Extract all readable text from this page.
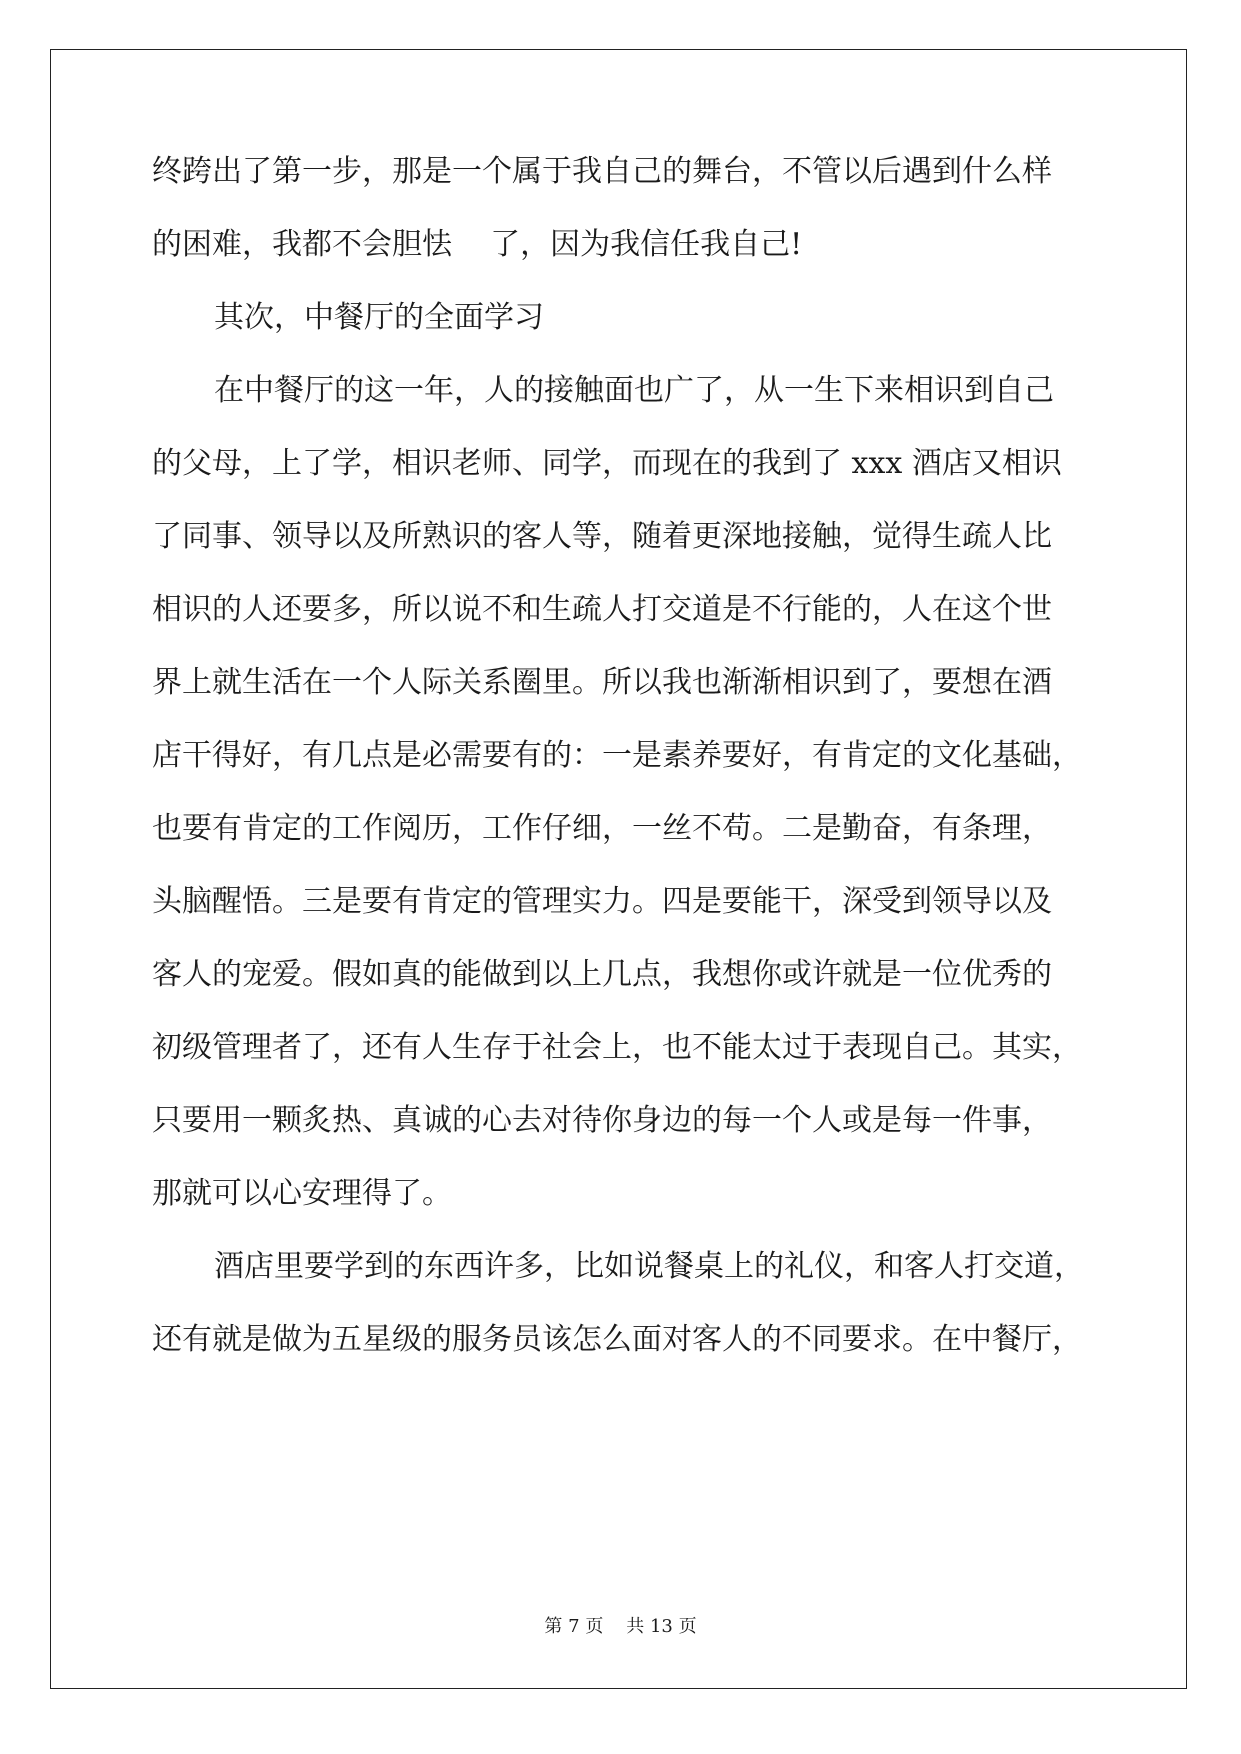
终跨出了第一步，那是一个属于我自己的舞台，不管以后遇到什么样

的困难，我都不会胆怯    了，因为我信任我自己!

其次，中餐厅的全面学习

在中餐厅的这一年，人的接触面也广了，从一生下来相识到自己

的父母，上了学，相识老师、同学，而现在的我到了 xxx 酒店又相识

了同事、领导以及所熟识的客人等，随着更深地接触，觉得生疏人比

相识的人还要多，所以说不和生疏人打交道是不行能的，人在这个世

界上就生活在一个人际关系圈里。所以我也渐渐相识到了，要想在酒

店干得好，有几点是必需要有的：一是素养要好，有肯定的文化基础，

也要有肯定的工作阅历，工作仔细，一丝不苟。二是勤奋，有条理，

头脑醒悟。三是要有肯定的管理实力。四是要能干，深受到领导以及

客人的宠爱。假如真的能做到以上几点，我想你或许就是一位优秀的

初级管理者了，还有人生存于社会上，也不能太过于表现自己。其实，

只要用一颗炙热、真诚的心去对待你身边的每一个人或是每一件事，

那就可以心安理得了。

酒店里要学到的东西许多，比如说餐桌上的礼仪，和客人打交道，

还有就是做为五星级的服务员该怎么面对客人的不同要求。在中餐厅，

第 7 页 共 13 页
